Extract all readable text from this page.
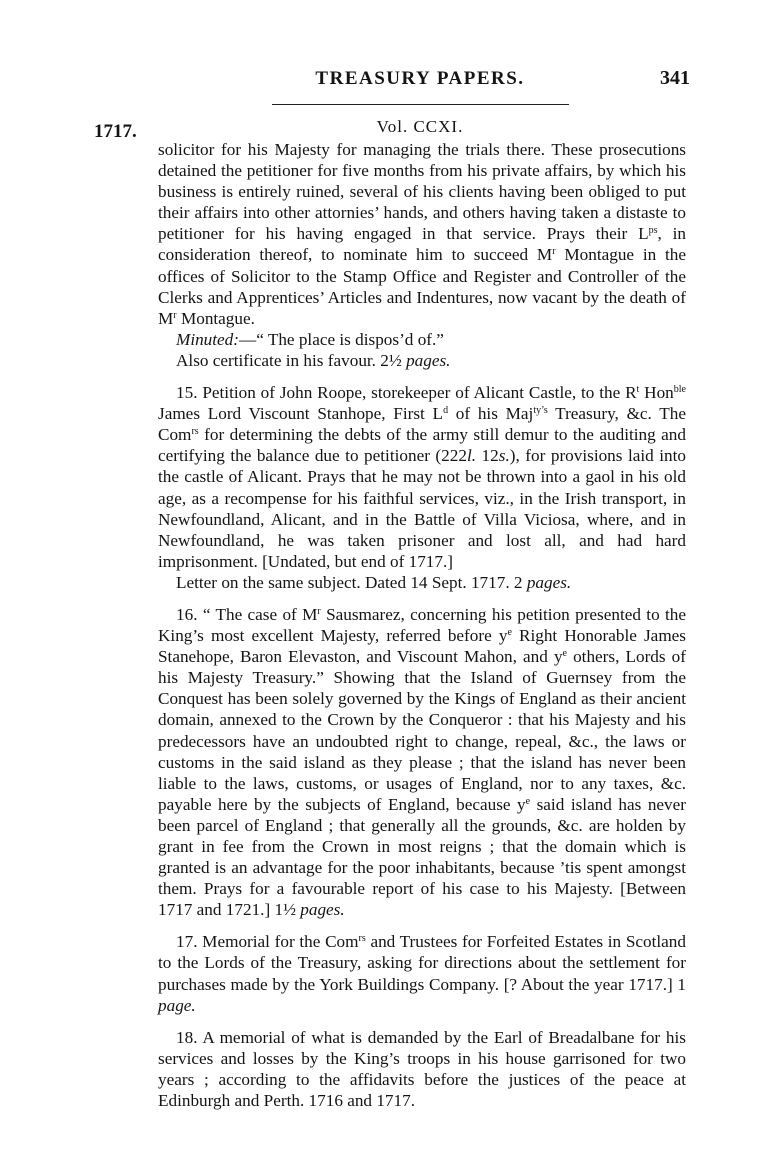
TREASURY PAPERS.	341
1717.	Vol. CCXI.

solicitor for his Majesty for managing the trials there. These prosecutions detained the petitioner for five months from his private affairs, by which his business is entirely ruined, several of his clients having been obliged to put their affairs into other attornies’ hands, and others having taken a distaste to petitioner for his having engaged in that service. Prays their $L^{ps}$, in consideration thereof, to nominate him to succeed $M^r$ Montague in the offices of Solicitor to the Stamp Office and Register and Controller of the Clerks and Apprentices’ Articles and Indentures, now vacant by the death of $M^r$ Montague.

Minuted:—“ The place is dispos’d of.”

Also certificate in his favour. 2½ pages.

15. Petition of John Roope, storekeeper of Alicant Castle, to the $R^t$ Hon$^{ble}$ James Lord Viscount Stanhope, First $L^d$ of his Maj$^{ty’s}$ Treasury, &c. The Com$^{rs}$ for determining the debts of the army still demur to the auditing and certifying the balance due to petitioner (222l. 12s.), for provisions laid into the castle of Alicant. Prays that he may not be thrown into a gaol in his old age, as a recompense for his faithful services, viz., in the Irish transport, in Newfoundland, Alicant, and in the Battle of Villa Viciosa, where, and in Newfoundland, he was taken prisoner and lost all, and had hard imprisonment. [Undated, but end of 1717.]

Letter on the same subject. Dated 14 Sept. 1717. 2 pages.

16. “ The case of $M^r$ Sausmarez, concerning his petition presented to the King’s most excellent Majesty, referred before $y^e$ Right Honorable James Stanehope, Baron Elevaston, and Viscount Mahon, and $y^e$ others, Lords of his Majesty Treasury.” Showing that the Island of Guernsey from the Conquest has been solely governed by the Kings of England as their ancient domain, annexed to the Crown by the Conqueror : that his Majesty and his predecessors have an undoubted right to change, repeal, &c., the laws or customs in the said island as they please ; that the island has never been liable to the laws, customs, or usages of England, nor to any taxes, &c. payable here by the subjects of England, because $y^e$ said island has never been parcel of England ; that generally all the grounds, &c. are holden by grant in fee from the Crown in most reigns ; that the domain which is granted is an advantage for the poor inhabitants, because ’tis spent amongst them. Prays for a favourable report of his case to his Majesty. [Between 1717 and 1721.] 1½ pages.

17. Memorial for the Com$^{rs}$ and Trustees for Forfeited Estates in Scotland to the Lords of the Treasury, asking for directions about the settlement for purchases made by the York Buildings Company. [? About the year 1717.] 1 page.

18. A memorial of what is demanded by the Earl of Breadalbane for his services and losses by the King’s troops in his house garrisoned for two years ; according to the affidavits before the justices of the peace at Edinburgh and Perth. 1716 and 1717.
